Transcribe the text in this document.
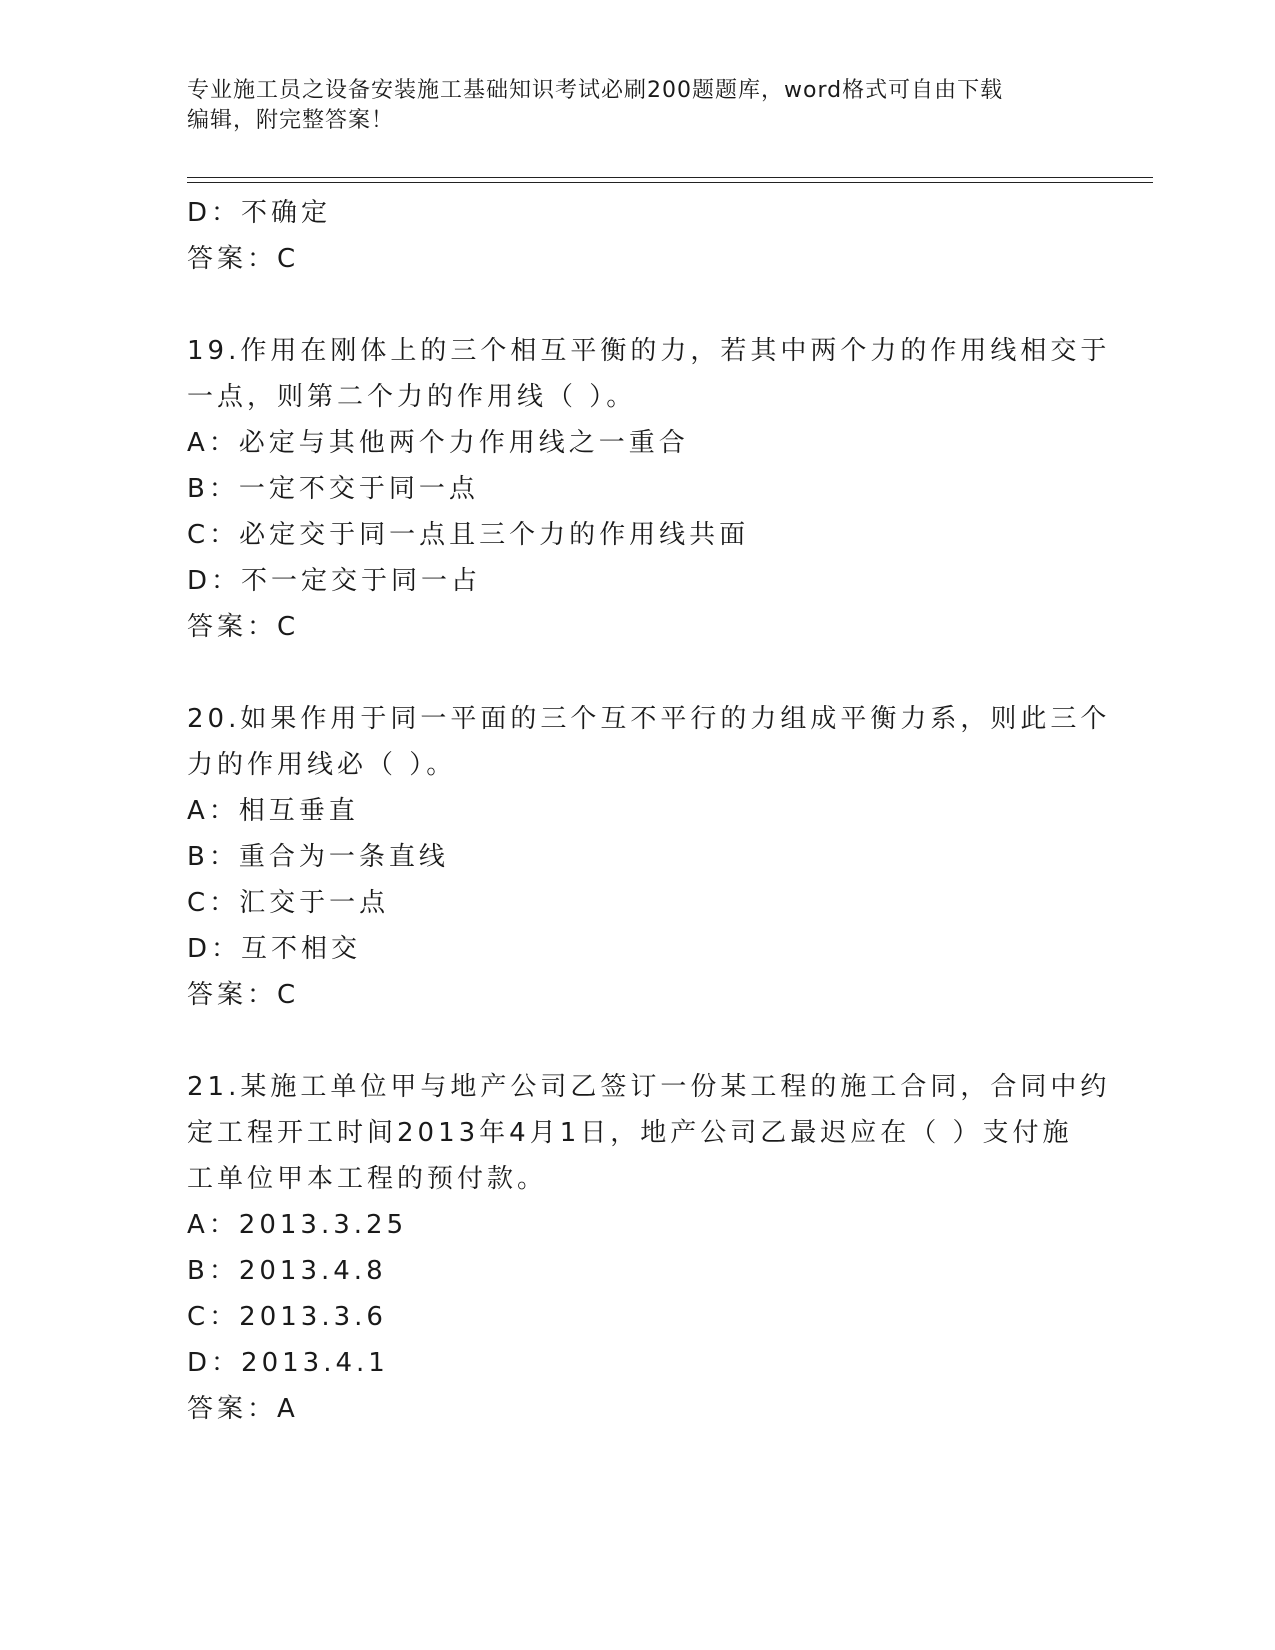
专业施工员之设备安装施工基础知识考试必刷200题题库，word格式可自由下载
编辑，附完整答案！
D：不确定
答案：C
19.作用在刚体上的三个相互平衡的力，若其中两个力的作用线相交于
一点，则第二个力的作用线（ ）。
A：必定与其他两个力作用线之一重合
B：一定不交于同一点
C：必定交于同一点且三个力的作用线共面
D：不一定交于同一占
答案：C
20.如果作用于同一平面的三个互不平行的力组成平衡力系，则此三个
力的作用线必（ ）。
A：相互垂直
B：重合为一条直线
C：汇交于一点
D：互不相交
答案：C
21.某施工单位甲与地产公司乙签订一份某工程的施工合同，合同中约
定工程开工时间2013年4月1日，地产公司乙最迟应在（ ）支付施
工单位甲本工程的预付款。
A：2013.3.25
B：2013.4.8
C：2013.3.6
D：2013.4.1
答案：A
